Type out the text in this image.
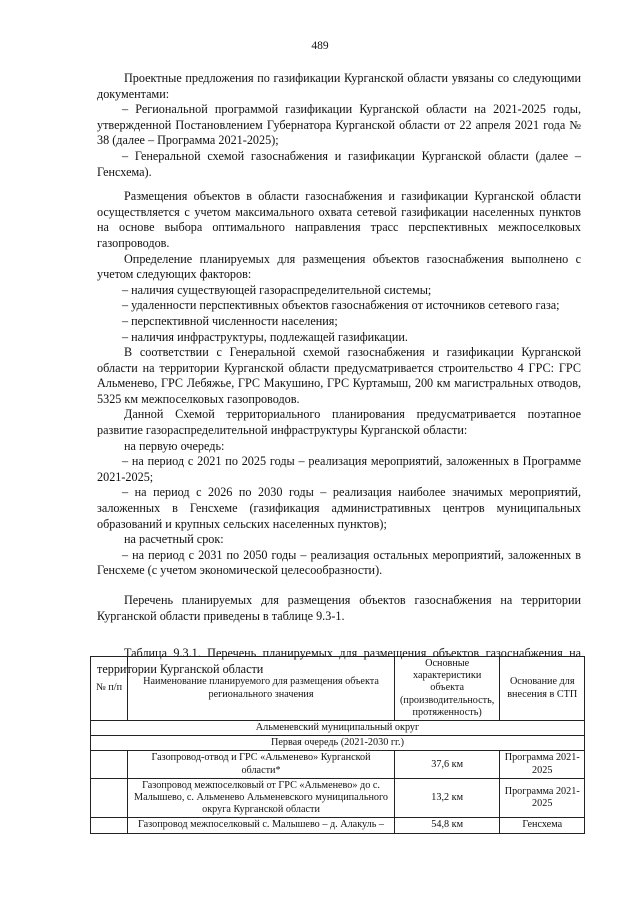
489

Проектные предложения по газификации Курганской области увязаны со следующими документами:

– Региональной программой газификации Курганской области на 2021-2025 годы, утвержденной Постановлением Губернатора Курганской области от 22 апреля 2021 года № 38 (далее – Программа 2021-2025);

– Генеральной схемой газоснабжения и газификации Курганской области (далее – Генсхема).

Размещения объектов в области газоснабжения и газификации Курганской области осуществляется с учетом максимального охвата сетевой газификации населенных пунктов на основе выбора оптимального направления трасс перспективных межпоселковых газопроводов.

Определение планируемых для размещения объектов газоснабжения выполнено с учетом следующих факторов:

– наличия существующей газораспределительной системы;

– удаленности перспективных объектов газоснабжения от источников сетевого газа;

– перспективной численности населения;

– наличия инфраструктуры, подлежащей газификации.

В соответствии с Генеральной схемой газоснабжения и газификации Курганской области на территории Курганской области предусматривается строительство 4 ГРС: ГРС Альменево, ГРС Лебяжье, ГРС Макушино, ГРС Куртамыш, 200 км магистральных отводов, 5325 км межпоселковых газопроводов.

Данной Схемой территориального планирования предусматривается поэтапное развитие газораспределительной инфраструктуры Курганской области:

на первую очередь:

– на период с 2021 по 2025 годы – реализация мероприятий, заложенных в Программе 2021-2025;

– на период с 2026 по 2030 годы – реализация наиболее значимых мероприятий, заложенных в Генсхеме (газификация административных центров муниципальных образований и крупных сельских населенных пунктов);

на расчетный срок:

– на период с 2031 по 2050 годы – реализация остальных мероприятий, заложенных в Генсхеме (с учетом экономической целесообразности).

Перечень планируемых для размещения объектов газоснабжения на территории Курганской области приведены в таблице 9.3-1.

Таблица 9.3.1. Перечень планируемых для размещения объектов газоснабжения на территории Курганской области

№ п/п	Наименование планируемого для размещения объекта регионального значения	Основные характеристики объекта (производительность, протяженность)	Основание для внесения в СТП
Альменевский муниципальный округ			
Первая очередь (2021-2030 гг.)			
	Газопровод-отвод и ГРС «Альменево» Курганской области*	37,6 км	Программа 2021-2025
	Газопровод межпоселковый от ГРС «Альменево» до с. Малышево, с. Альменево Альменевского муниципального округа Курганской области	13,2 км	Программа 2021-2025
	Газопровод межпоселковый с. Малышево – д. Алакуль –	54,8 км	Генсхема
